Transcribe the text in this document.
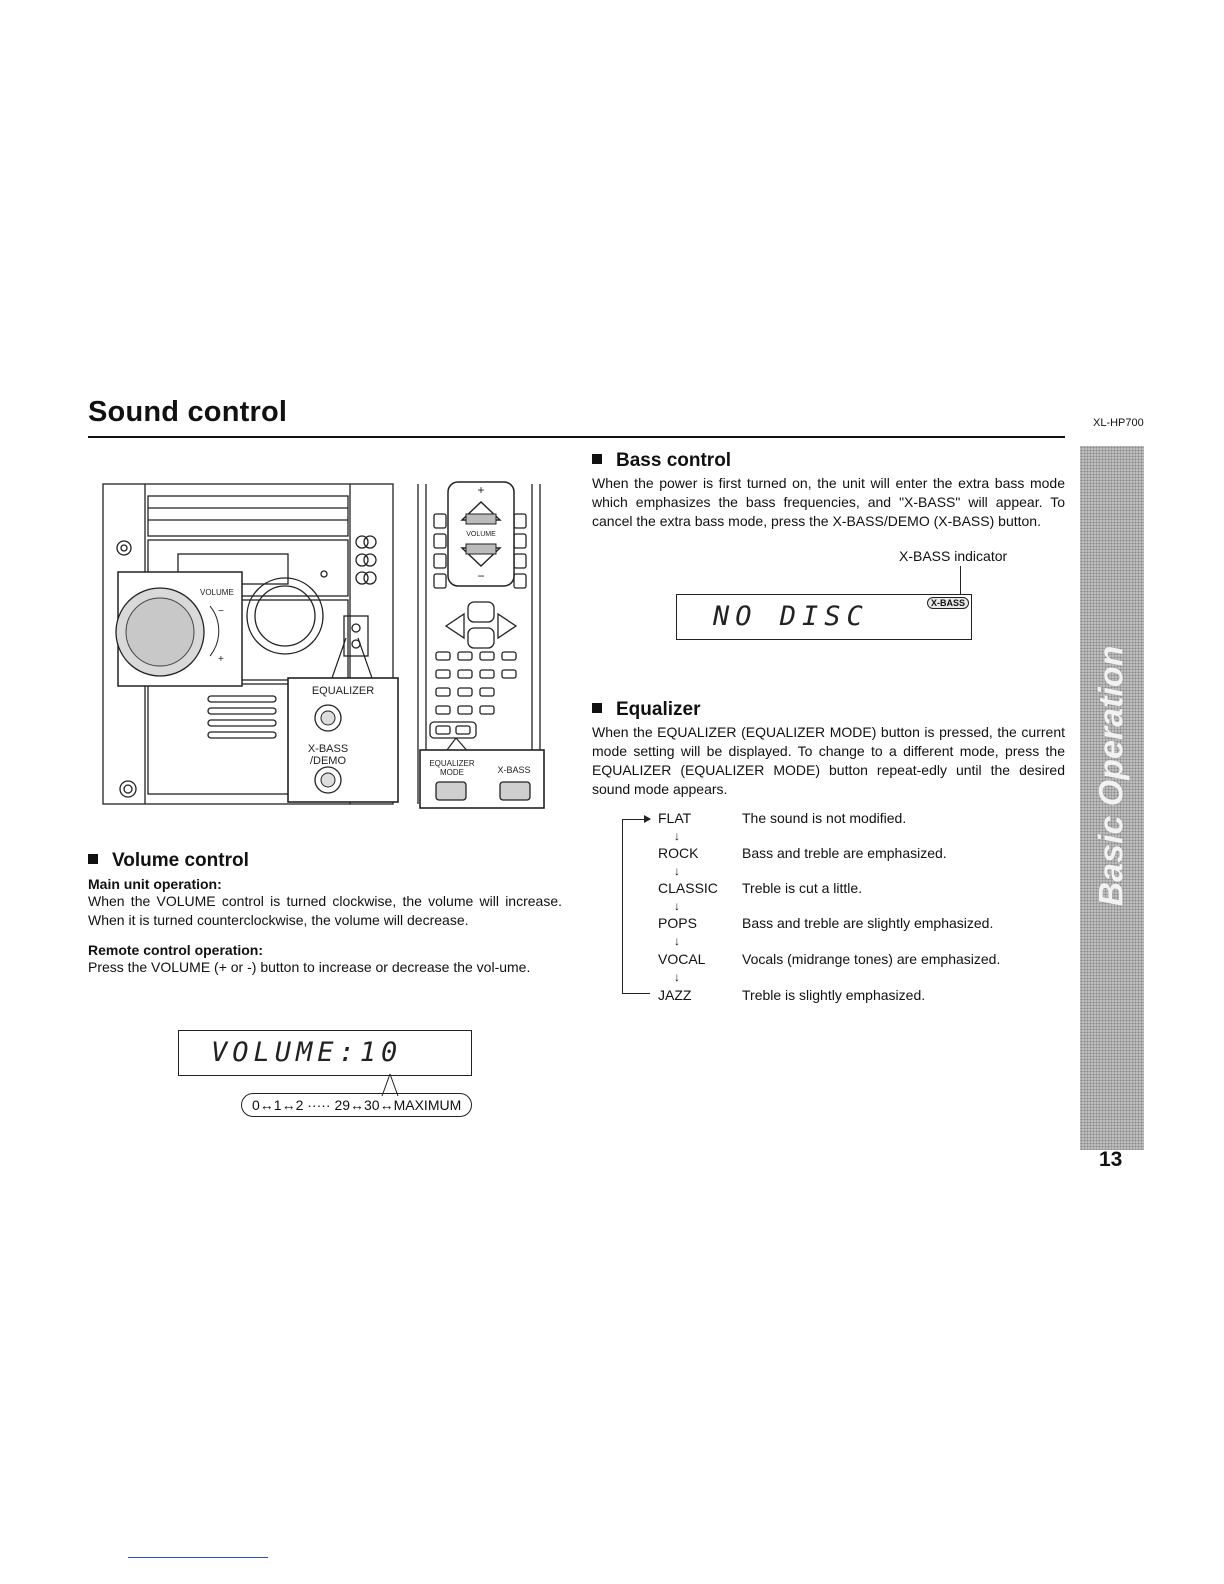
Sound control	XL-HP700
VOLUME
−
+
EQUALIZER
X-BASS
/DEMO
+
VOLUME
−
EQUALIZER
MODE	X-BASS
Volume control

Main unit operation:

When the VOLUME control is turned clockwise, the volume will increase. When it is turned counterclockwise, the volume will decrease.

Remote control operation:

Press the VOLUME (+ or -) button to increase or decrease the vol-ume.

VOLUME:10
0↔1↔2 ····· 29↔30↔MAXIMUM
Bass control

When the power is first turned on, the unit will enter the extra bass mode which emphasizes the bass frequencies, and "X-BASS" will appear. To cancel the extra bass mode, press the X-BASS/DEMO (X-BASS) button.

X-BASS indicator
NO DISC	X-BASS
Equalizer

When the EQUALIZER (EQUALIZER MODE) button is pressed, the current mode setting will be displayed. To change to a different mode, press the EQUALIZER (EQUALIZER MODE) button repeat-edly until the desired sound mode appears.

FLAT	The sound is not modified.
↓
ROCK	Bass and treble are emphasized.
↓
CLASSIC Treble is cut a little.
↓
POPS	Bass and treble are slightly emphasized.
↓
VOCAL	Vocals (midrange tones) are emphasized.
↓
JAZZ	Treble is slightly emphasized.
Basic Operation
13
